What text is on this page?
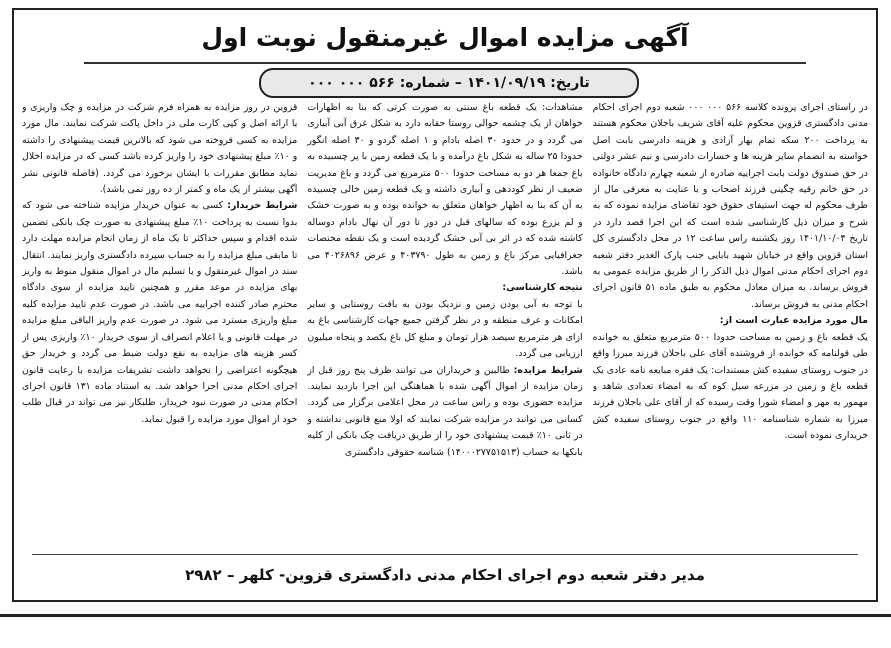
آگهی مزایده اموال غیرمنقول نوبت اول
تاریخ: ۱۴۰۱/۰۹/۱۹ – شماره: ۵۶۶ ۰۰۰ ۰۰۰

در راستای اجرای پرونده کلاسه ۵۶۶ ۰۰۰ ۰۰۰ شعبه دوم اجرای احکام مدنی دادگستری قزوین محکوم علیه آقای شریف باجلان محکوم هستند به پرداخت ۲۰۰ سکه تمام بهار آزادی و هزینه دادرسی بابت اصل خواسته به انضمام سایر هزینه ها و خسارات دادرسی و نیم عشر دولتی در حق صندوق دولت بابت اجراییه صادره از شعبه چهارم دادگاه خانواده در حق خانم رقیه چگینی فرزند اصحاب و با عنایت به معرفی مال از طرف محکوم له جهت استیفای حقوق خود تقاضای مزایده نموده که به شرح و میزان ذیل کارشناسی شده است که این اجرا قصد دارد در تاریخ ۱۴۰۱/۱۰/۰۴ روز یکشنبه راس ساعت ۱۲ در محل دادگستری کل استان قزوین واقع در خیابان شهید بابایی جنب پارک الغدیر دفتر شعبه دوم اجرای احکام مدنی اموال ذیل الذکر را از طریق مزایده عمومی به فروش برساند. به میزان معادل محکوم به طبق ماده ۵۱ قانون اجرای احکام مدنی به فروش برساند.

مال مورد مزایده عبارت است از:

یک قطعه باغ و زمین به مساحت حدودا ۵۰۰ مترمربع متعلق به خوانده طی قولنامه که خوانده از فروشنده آقای علی باجلان فرزند میرزا واقع در جنوب روستای سفیده کش مستندات: یک فقره مبایعه نامه عادی یک قطعه باغ و زمین در مزرعه سیل کوه که به امضاء تعدادی شاهد و مهمور به مهر و امضاء شورا وقت رسیده که از آقای علی باجلان فرزند میرزا به شماره شناسنامه ۱۱۰ واقع در جنوب روستای سفیده کش خریداری نموده است.

مشاهدات: یک قطعه باغ سنتی به صورت کرتی که بنا به اظهارات خواهان از یک چشمه حوالی روستا حقابه دارد به شکل غرق آبی آبیاری می گردد و در حدود ۳۰ اصله بادام و ۱ اصله گردو و ۳۰ اصله انگور حدودا ۲۵ ساله به شکل باغ درآمده و با یک قطعه زمین با پر چسبیده به باغ جمعا هر دو به مساحت حدودا ۵۰۰ مترمربع می گردد و باغ مدیریت ضعیف از نظر کوددهی و آبیاری داشته و یک قطعه زمین خالی چسبیده به آن که بنا به اظهار خواهان متعلق به خوانده بوده و به صورت خشک و لم یزرع بوده که سالهای قبل در دور تا دور آن نهال بادام دوساله کاشته شده که در اثر بی آبی خشک گردیده است و یک نقطه مختصات جغرافیایی مرکز باغ و زمین به طول ۴۰۳۷۹۰ و عرض ۴۰۲۶۸۹۶ می باشد.

نتیجه کارشناسی:

با توجه به آبی بودن زمین و نزدیک بودن به بافت روستایی و سایر امکانات و عرف منطقه و در نظر گرفتن جمیع جهات کارشناسی باغ به ازای هر مترمربع سیصد هزار تومان و مبلغ کل باغ یکصد و پنجاه میلیون ارزیابی می گردد.

شرایط مزایده: طالبین و خریداران می توانند ظرف پنج روز قبل از زمان مزایده از اموال آگهی شده با هماهنگی این اجرا بازدید نمایند. مزایده حضوری بوده و راس ساعت در محل اعلامی برگزار می گردد. کسانی می توانند در مزایده شرکت نمایند که اولا منع قانونی نداشته و در ثانی ۱۰٪ قیمت پیشنهادی خود را از طریق دریافت چک بانکی از کلیه بانکها به حساب (۱۴۰۰۰۲۷۷۵۱۵۱۳) شناسه حقوقی دادگستری

قزوین در روز مزایده به همراه فرم شرکت در مزایده و چک واریزی و یا ارائه اصل و کپی کارت ملی در داخل پاکت شرکت نمایند. مال مورد مزایده به کسی فروخته می شود که بالاترین قیمت پیشنهادی را داشته و ۱۰٪ مبلغ پیشنهادی خود را واریز کرده باشد کسی که در مزایده اخلال نماید مطابق مقررات با ایشان برخورد می گردد. (فاصله قانونی نشر آگهی بیشتر از یک ماه و کمتر از ده روز نمی باشد).

شرایط خریدار: کسی به عنوان خریدار مزایده شناخته می شود که بدوا نسبت به پرداخت ۱۰٪ مبلغ پیشنهادی به صورت چک بانکی تضمین شده اقدام و سپس حداکثر تا یک ماه از زمان انجام مزایده مهلت دارد تا مابقی مبلغ مزایده را به حساب سپرده دادگستری واریز نمایند. انتقال سند در اموال غیرمنقول و یا تسلیم مال در اموال منقول منوط به واریز بهای مزایده در موعد مقرر و همچنین تایید مزایده از سوی دادگاه محترم صادر کننده اجراییه می باشد. در صورت عدم تایید مزایده کلیه مبلغ واریزی مسترد می شود. در صورت عدم واریز الباقی مبلغ مزایده در مهلت قانونی و یا اعلام انصراف از سوی خریدار ۱۰٪ واریزی پس از کسر هزینه های مزایده به نفع دولت ضبط می گردد و خریدار حق هیچگونه اعتراضی را نخواهد داشت تشریفات مزایده با رعایت قانون اجرای احکام مدنی اجرا خواهد شد. به استناد ماده ۱۳۱ قانون اجرای احکام مدنی در صورت نبود خریدار، طلبکار نیز می تواند در قبال طلب خود از اموال مورد مزایده را قبول نماید.

مدیر دفتر شعبه دوم اجرای احکام مدنی دادگستری قزوین- کلهر – ۲۹۸۲
